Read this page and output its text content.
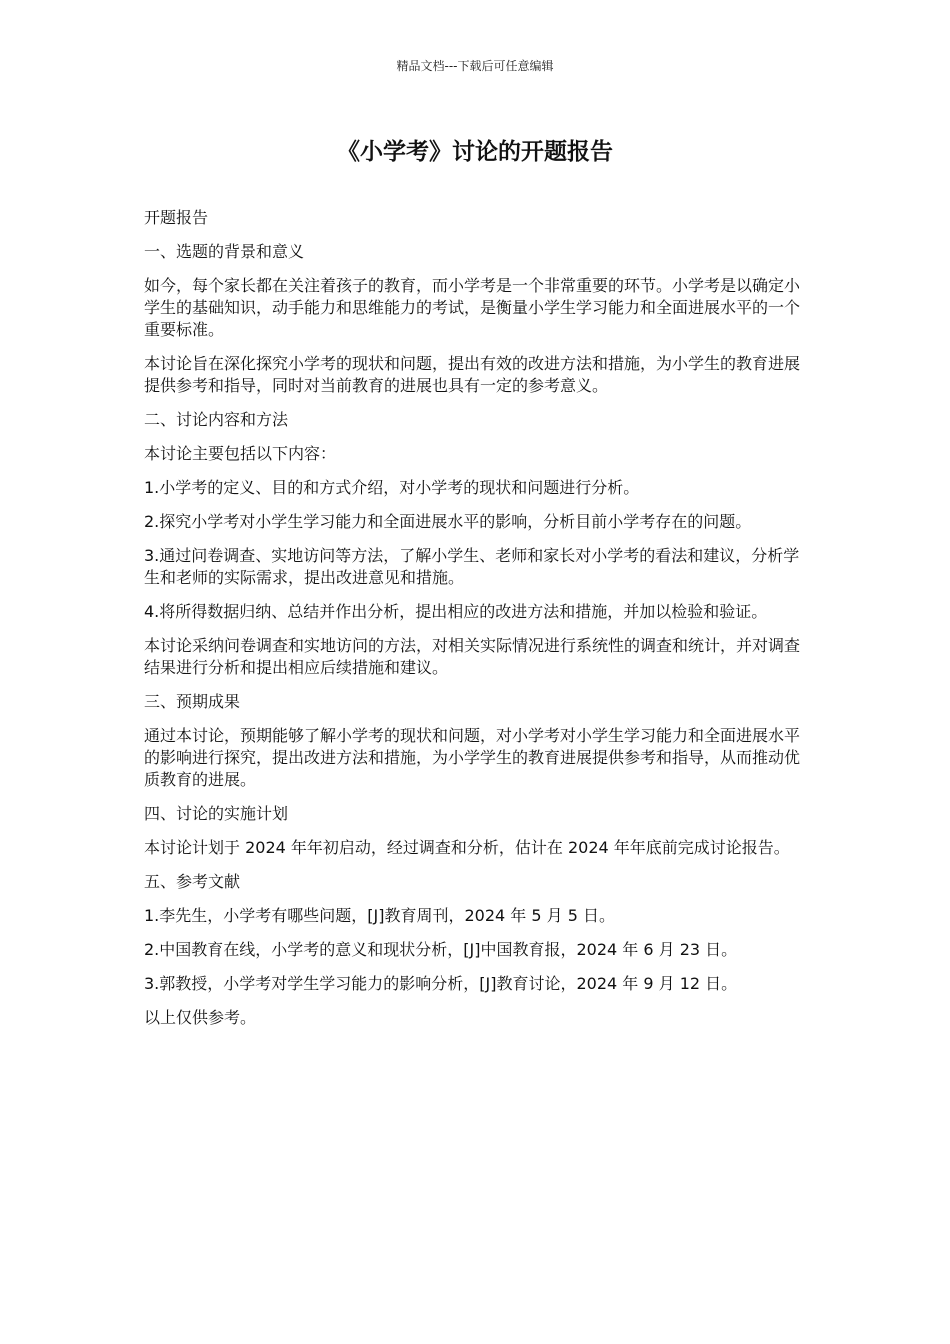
精品文档---下载后可任意编辑
《小学考》讨论的开题报告

开题报告

一、选题的背景和意义

如今，每个家长都在关注着孩子的教育，而小学考是一个非常重要的环节。小学考是以确定小学生的基础知识，动手能力和思维能力的考试，是衡量小学生学习能力和全面进展水平的一个重要标准。

本讨论旨在深化探究小学考的现状和问题，提出有效的改进方法和措施，为小学生的教育进展提供参考和指导，同时对当前教育的进展也具有一定的参考意义。

二、讨论内容和方法

本讨论主要包括以下内容：

1.小学考的定义、目的和方式介绍，对小学考的现状和问题进行分析。

2.探究小学考对小学生学习能力和全面进展水平的影响，分析目前小学考存在的问题。

3.通过问卷调查、实地访问等方法，了解小学生、老师和家长对小学考的看法和建议，分析学生和老师的实际需求，提出改进意见和措施。

4.将所得数据归纳、总结并作出分析，提出相应的改进方法和措施，并加以检验和验证。

本讨论采纳问卷调查和实地访问的方法，对相关实际情况进行系统性的调查和统计，并对调查结果进行分析和提出相应后续措施和建议。

三、预期成果

通过本讨论，预期能够了解小学考的现状和问题，对小学考对小学生学习能力和全面进展水平的影响进行探究，提出改进方法和措施，为小学学生的教育进展提供参考和指导，从而推动优质教育的进展。

四、讨论的实施计划

本讨论计划于 2024 年年初启动，经过调查和分析，估计在 2024 年年底前完成讨论报告。

五、参考文献

1.李先生，小学考有哪些问题，[J]教育周刊，2024 年 5 月 5 日。

2.中国教育在线，小学考的意义和现状分析，[J]中国教育报，2024 年 6 月 23 日。

3.郭教授，小学考对学生学习能力的影响分析，[J]教育讨论，2024 年 9 月 12 日。

以上仅供参考。
